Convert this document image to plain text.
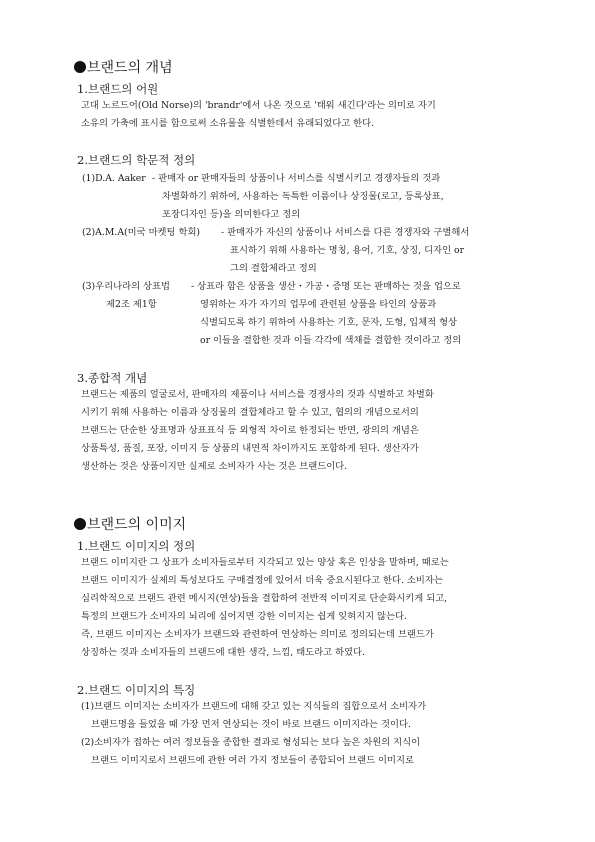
브랜드의 개념
1.브랜드의 어원
고대 노르드어(Old Norse)의 'brandr'에서 나온 것으로 '태워 새긴다'라는 의미로 자기
소유의 가축에 표시를 함으로써 소유물을 식별한데서 유래되었다고 한다.
2.브랜드의 학문적 정의
(1)D.A. Aaker - 판매자 or 판매자들의 상품이나 서비스를 식별시키고 경쟁자들의 것과
차별화하기 위하여, 사용하는 독특한 이름이나 상징물(로고, 등록상표,
포장디자인 등)을 의미한다고 정의
(2)A.M.A(미국 마켓팅 학회) - 판매자가 자신의 상품이나 서비스를 다른 경쟁자와 구별해서
표시하기 위해 사용하는 명칭, 용어, 기호, 상징, 디자인 or
그의 결합체라고 정의
(3)우리나라의 상표법
제2조 제1항
- 상표라 함은 상품을 생산・가공・증명 또는 판매하는 것을 업으로
영위하는 자가 자기의 업무에 관련된 상품을 타인의 상품과
식별되도록 하기 위하여 사용하는 기호, 문자, 도형, 입체적 형상
or 이들을 결합한 것과 이들 각각에 색채를 결합한 것이라고 정의
3.종합적 개념
브랜드는 제품의 얼굴로서, 판매자의 제품이나 서비스를 경쟁사의 것과 식별하고 차별화
시키기 위해 사용하는 이름과 상징물의 결합체라고 할 수 있고, 협의의 개념으로서의
브랜드는 단순한 상표명과 상표표식 등 외형적 차이로 한정되는 반면, 광의의 개념은
상품특성, 품질, 포장, 이미지 등 상품의 내면적 차이까지도 포함하게 된다. 생산자가
생산하는 것은 상품이지만 실제로 소비자가 사는 것은 브랜드이다.
브랜드의 이미지
1.브랜드 이미지의 정의
브랜드 이미지란 그 상표가 소비자들로부터 지각되고 있는 양상 혹은 인상을 말하며, 때로는
브랜드 이미지가 실제의 특성보다도 구매결정에 있어서 더욱 중요시된다고 한다. 소비자는
심리학적으로 브랜드 관련 메시지(연상)들을 결합하여 전반적 이미지로 단순화시키게 되고,
특정의 브랜드가 소비자의 뇌리에 심어지면 강한 이미지는 쉽게 잊혀지지 않는다.
즉, 브랜드 이미지는 소비자가 브랜드와 관련하여 연상하는 의미로 정의되는데 브랜드가
상징하는 것과 소비자들의 브랜드에 대한 생각, 느낌, 태도라고 하였다.
2.브랜드 이미지의 특징
(1)브랜드 이미지는 소비자가 브랜드에 대해 갖고 있는 지식들의 집합으로서 소비자가
브랜드명을 들었을 때 가장 먼저 연상되는 것이 바로 브랜드 이미지라는 것이다.
(2)소비자가 접하는 여러 정보들을 종합한 결과로 형성되는 보다 높은 차원의 지식이
브랜드 이미지로서 브랜드에 관한 여러 가지 정보들이 종합되어 브랜드 이미지로
